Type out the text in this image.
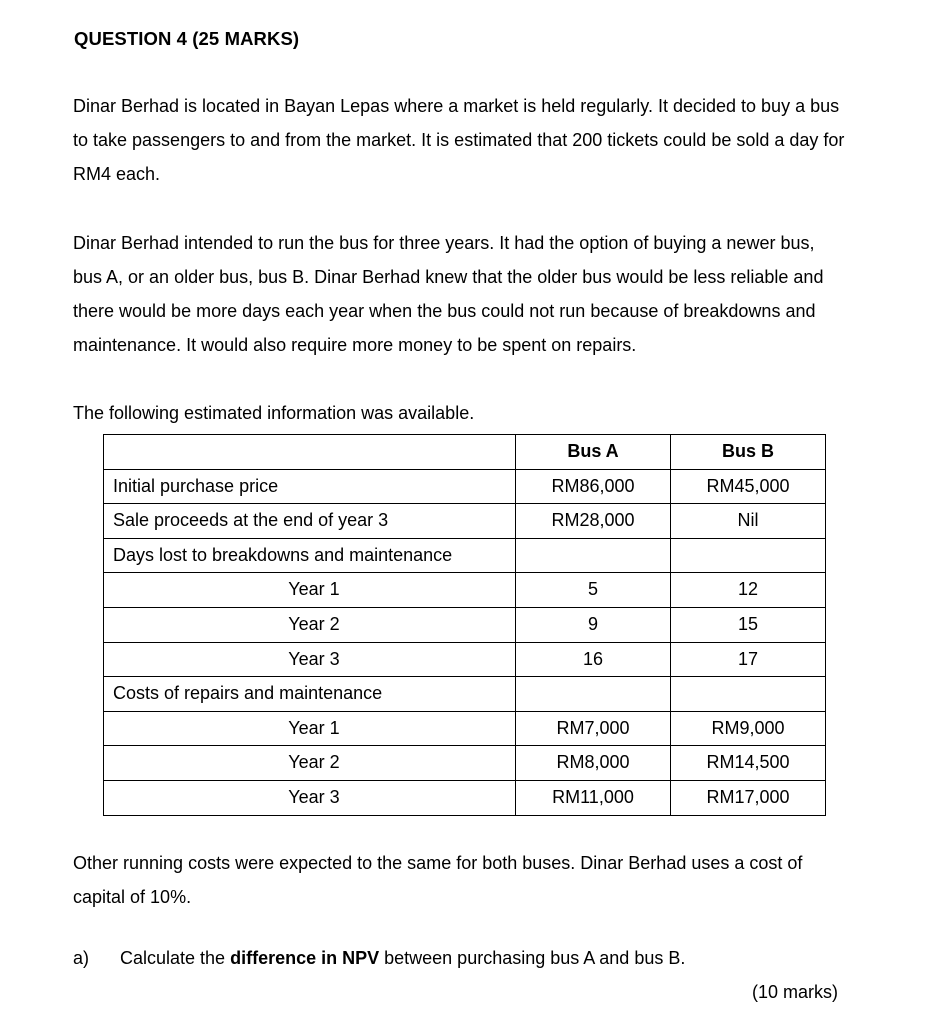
QUESTION 4 (25 MARKS)

Dinar Berhad is located in Bayan Lepas where a market is held regularly. It decided to buy a bus to take passengers to and from the market. It is estimated that 200 tickets could be sold a day for RM4 each.

Dinar Berhad intended to run the bus for three years. It had the option of buying a newer bus, bus A, or an older bus, bus B. Dinar Berhad knew that the older bus would be less reliable and there would be more days each year when the bus could not run because of breakdowns and maintenance. It would also require more money to be spent on repairs.

The following estimated information was available.

	Bus A	Bus B
Initial purchase price	RM86,000	RM45,000
Sale proceeds at the end of year 3	RM28,000	Nil
Days lost to breakdowns and maintenance		
Year 1	5	12
Year 2	9	15
Year 3	16	17
Costs of repairs and maintenance		
Year 1	RM7,000	RM9,000
Year 2	RM8,000	RM14,500
Year 3	RM11,000	RM17,000

Other running costs were expected to the same for both buses. Dinar Berhad uses a cost of capital of 10%.

a) Calculate the difference in NPV between purchasing bus A and bus B.
(10 marks)
